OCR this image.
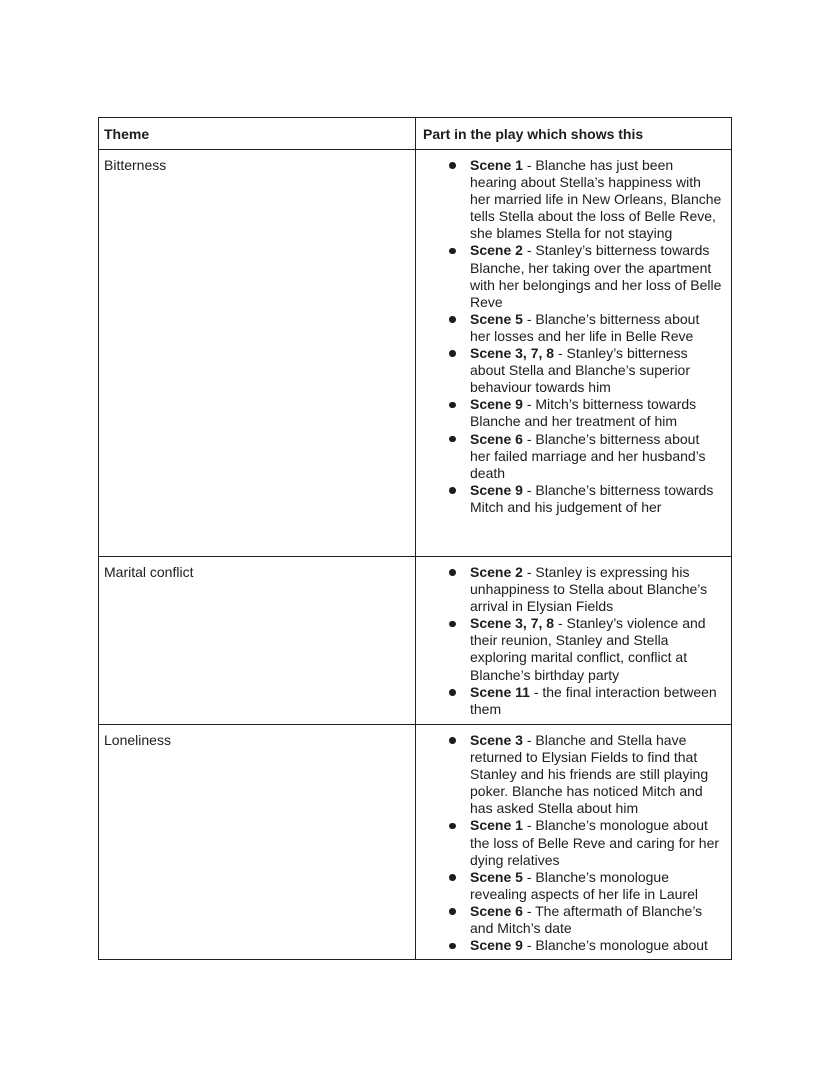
Theme	Part in the play which shows this
Bitterness	Scene 1 - Blanche has just been hearing about Stella’s happiness with her married life in New Orleans, Blanche tells Stella about the loss of Belle Reve, she blames Stella for not staying
Scene 2 - Stanley’s bitterness towards Blanche, her taking over the apartment with her belongings and her loss of Belle Reve
Scene 5 - Blanche’s bitterness about her losses and her life in Belle Reve
Scene 3, 7, 8 - Stanley’s bitterness about Stella and Blanche’s superior behaviour towards him
Scene 9 - Mitch’s bitterness towards Blanche and her treatment of him
Scene 6 - Blanche’s bitterness about her failed marriage and her husband’s death
Scene 9 - Blanche’s bitterness towards Mitch and his judgement of her

Marital conflict	Scene 2 - Stanley is expressing his unhappiness to Stella about Blanche’s arrival in Elysian Fields
Scene 3, 7, 8 - Stanley’s violence and their reunion, Stanley and Stella exploring marital conflict, conflict at Blanche’s birthday party
Scene 11 - the final interaction between them

Loneliness	Scene 3 - Blanche and Stella have returned to Elysian Fields to find that Stanley and his friends are still playing poker. Blanche has noticed Mitch and has asked Stella about him
Scene 1 - Blanche’s monologue about the loss of Belle Reve and caring for her dying relatives
Scene 5 - Blanche’s monologue revealing aspects of her life in Laurel
Scene 6 - The aftermath of Blanche’s and Mitch’s date
Scene 9 - Blanche’s monologue about
